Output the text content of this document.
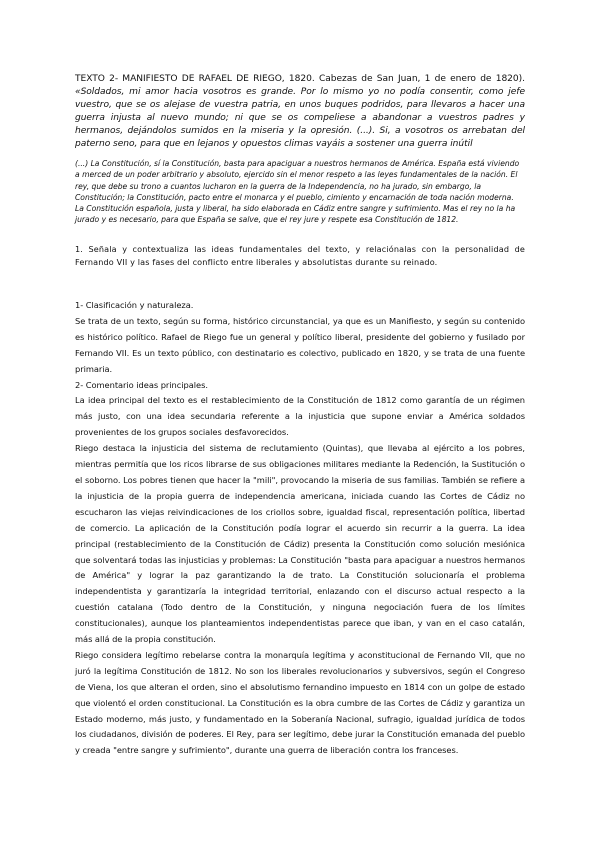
TEXTO 2- MANIFIESTO DE RAFAEL DE RIEGO, 1820. Cabezas de San Juan, 1 de enero de 1820). «Soldados, mi amor hacia vosotros es grande. Por lo mismo yo no podía consentir, como jefe vuestro, que se os alejase de vuestra patria, en unos buques podridos, para llevaros a hacer una guerra injusta al nuevo mundo; ni que se os compeliese a abandonar a vuestros padres y hermanos, dejándolos sumidos en la miseria y la opresión. (...). Si, a vosotros os arrebatan del paterno seno, para que en lejanos y opuestos climas vayáis a sostener una guerra inútil

(...) La Constitución, sí la Constitución, basta para apaciguar a nuestros hermanos de América. España está viviendo a merced de un poder arbitrario y absoluto, ejercido sin el menor respeto a las leyes fundamentales de la nación. El rey, que debe su trono a cuantos lucharon en la guerra de la Independencia, no ha jurado, sin embargo, la Constitución; la Constitución, pacto entre el monarca y el pueblo, cimiento y encarnación de toda nación moderna. La Constitución española, justa y liberal, ha sido elaborada en Cádiz entre sangre y sufrimiento. Mas el rey no la ha jurado y es necesario, para que España se salve, que el rey jure y respete esa Constitución de 1812.

1. Señala y contextualiza las ideas fundamentales del texto, y relaciónalas con la personalidad de Fernando VII y las fases del conflicto entre liberales y absolutistas durante su reinado.

1- Clasificación y naturaleza.

Se trata de un texto, según su forma, histórico circunstancial, ya que es un Manifiesto, y según su contenido es histórico político. Rafael de Riego fue un general y político liberal, presidente del gobierno y fusilado por Fernando VII. Es un texto público, con destinatario es colectivo, publicado en 1820, y se trata de una fuente primaria.

2- Comentario ideas principales.

La idea principal del texto es el restablecimiento de la Constitución de 1812 como garantía de un régimen más justo, con una idea secundaria referente a la injusticia que supone enviar a América soldados provenientes de los grupos sociales desfavorecidos.

Riego destaca la injusticia del sistema de reclutamiento (Quintas), que llevaba al ejército a los pobres, mientras permitía que los ricos librarse de sus obligaciones militares mediante la Redención, la Sustitución o el soborno. Los pobres tienen que hacer la "mili", provocando la miseria de sus familias. También se refiere a la injusticia de la propia guerra de independencia americana, iniciada cuando las Cortes de Cádiz no escucharon las viejas reivindicaciones de los criollos sobre, igualdad fiscal, representación política, libertad de comercio. La aplicación de la Constitución podía lograr el acuerdo sin recurrir a la guerra. La idea principal (restablecimiento de la Constitución de Cádiz) presenta la Constitución como solución mesiónica que solventará todas las injusticias y problemas: La Constitución "basta para apaciguar a nuestros hermanos de América" y lograr la paz garantizando la de trato. La Constitución solucionaría el problema independentista y garantizaría la integridad territorial, enlazando con el discurso actual respecto a la cuestión catalana (Todo dentro de la Constitución, y ninguna negociación fuera de los límites constitucionales), aunque los planteamientos independentistas parece que iban, y van en el caso catalán, más allá de la propia constitución.

Riego considera legítimo rebelarse contra la monarquía legítima y aconstitucional de Fernando VII, que no juró la legítima Constitución de 1812. No son los liberales revolucionarios y subversivos, según el Congreso de Viena, los que alteran el orden, sino el absolutismo fernandino impuesto en 1814 con un golpe de estado que violentó el orden constitucional. La Constitución es la obra cumbre de las Cortes de Cádiz y garantiza un Estado moderno, más justo, y fundamentado en la Soberanía Nacional, sufragio, igualdad jurídica de todos los ciudadanos, división de poderes. El Rey, para ser legítimo, debe jurar la Constitución emanada del pueblo y creada "entre sangre y sufrimiento", durante una guerra de liberación contra los franceses.
